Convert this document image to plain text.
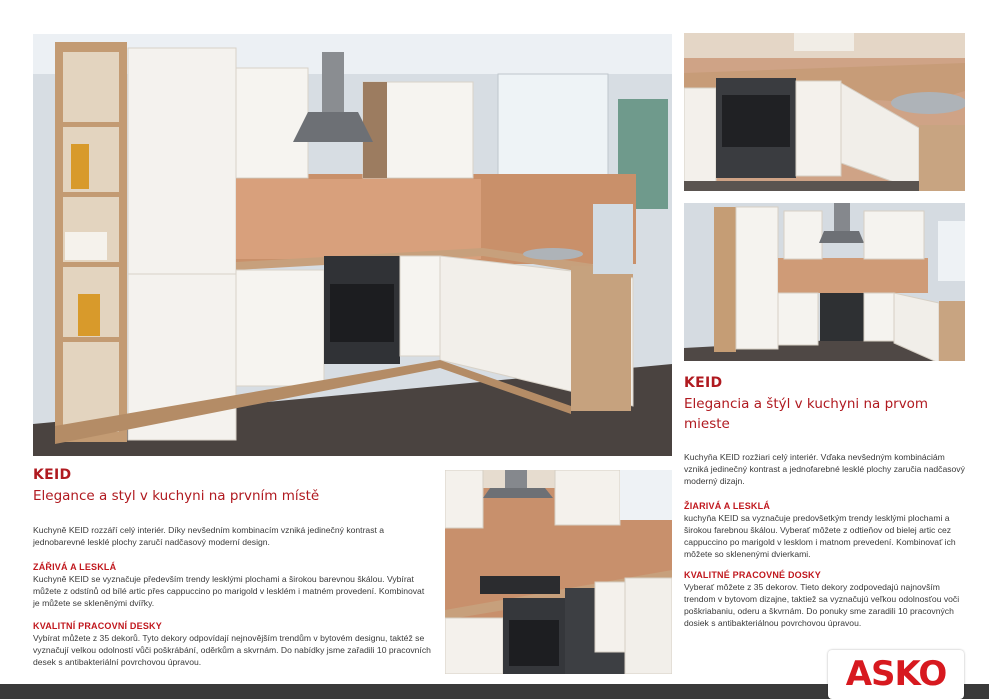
KEID
Elegance a styl v kuchyni na prvním místě
Kuchyně KEID rozzáří celý interiér. Díky nevšedním kombinacím vzniká jedinečný kontrast a jednobarevné lesklé plochy zaručí nadčasový moderní design.
ZÁŘIVÁ A LESKLÁ
Kuchyně KEID se vyznačuje především trendy lesklými plochami a širokou barevnou škálou. Vybírat můžete z odstínů od bílé artic přes cappuccino po marigold v lesklém i matném provedení. Kombinovat je můžete se skleněnými dvířky.
KVALITNÍ PRACOVNÍ DESKY
Vybírat můžete z 35 dekorů. Tyto dekory odpovídají nejnovějším trendům v bytovém designu, taktéž se vyznačují velkou odolností vůči poškrábání, oděrkům a skvrnám. Do nabídky jsme zařadili 10 pracovních desek s antibakteriální povrchovou úpravou.
KEID
Elegancia a štýl v kuchyni na prvom mieste
Kuchyňa KEID rozžiari celý interiér. Vďaka nevšedným kombináciám vzniká jedinečný kontrast a jednofarebné lesklé plochy zaručia nadčasový moderný dizajn.
ŽIARIVÁ A LESKLÁ
kuchyňa KEID sa vyznačuje predovšetkým trendy lesklými plochami a širokou farebnou škálou. Vyberať môžete z odtieňov od bielej artic cez cappuccino po marigold v lesklom i matnom prevedení. Kombinovať ich môžete so sklenenými dvierkami.
KVALITNÉ PRACOVNÉ DOSKY
Vyberať môžete z 35 dekorov. Tieto dekory zodpovedajú najnovším trendom v bytovom dizajne, taktiež sa vyznačujú veľkou odolnosťou voči poškriabaniu, oderu a škvrnám. Do ponuky sme zaradili 10 pracovných dosiek s antibakteriálnou povrchovou úpravou.
ASKO
